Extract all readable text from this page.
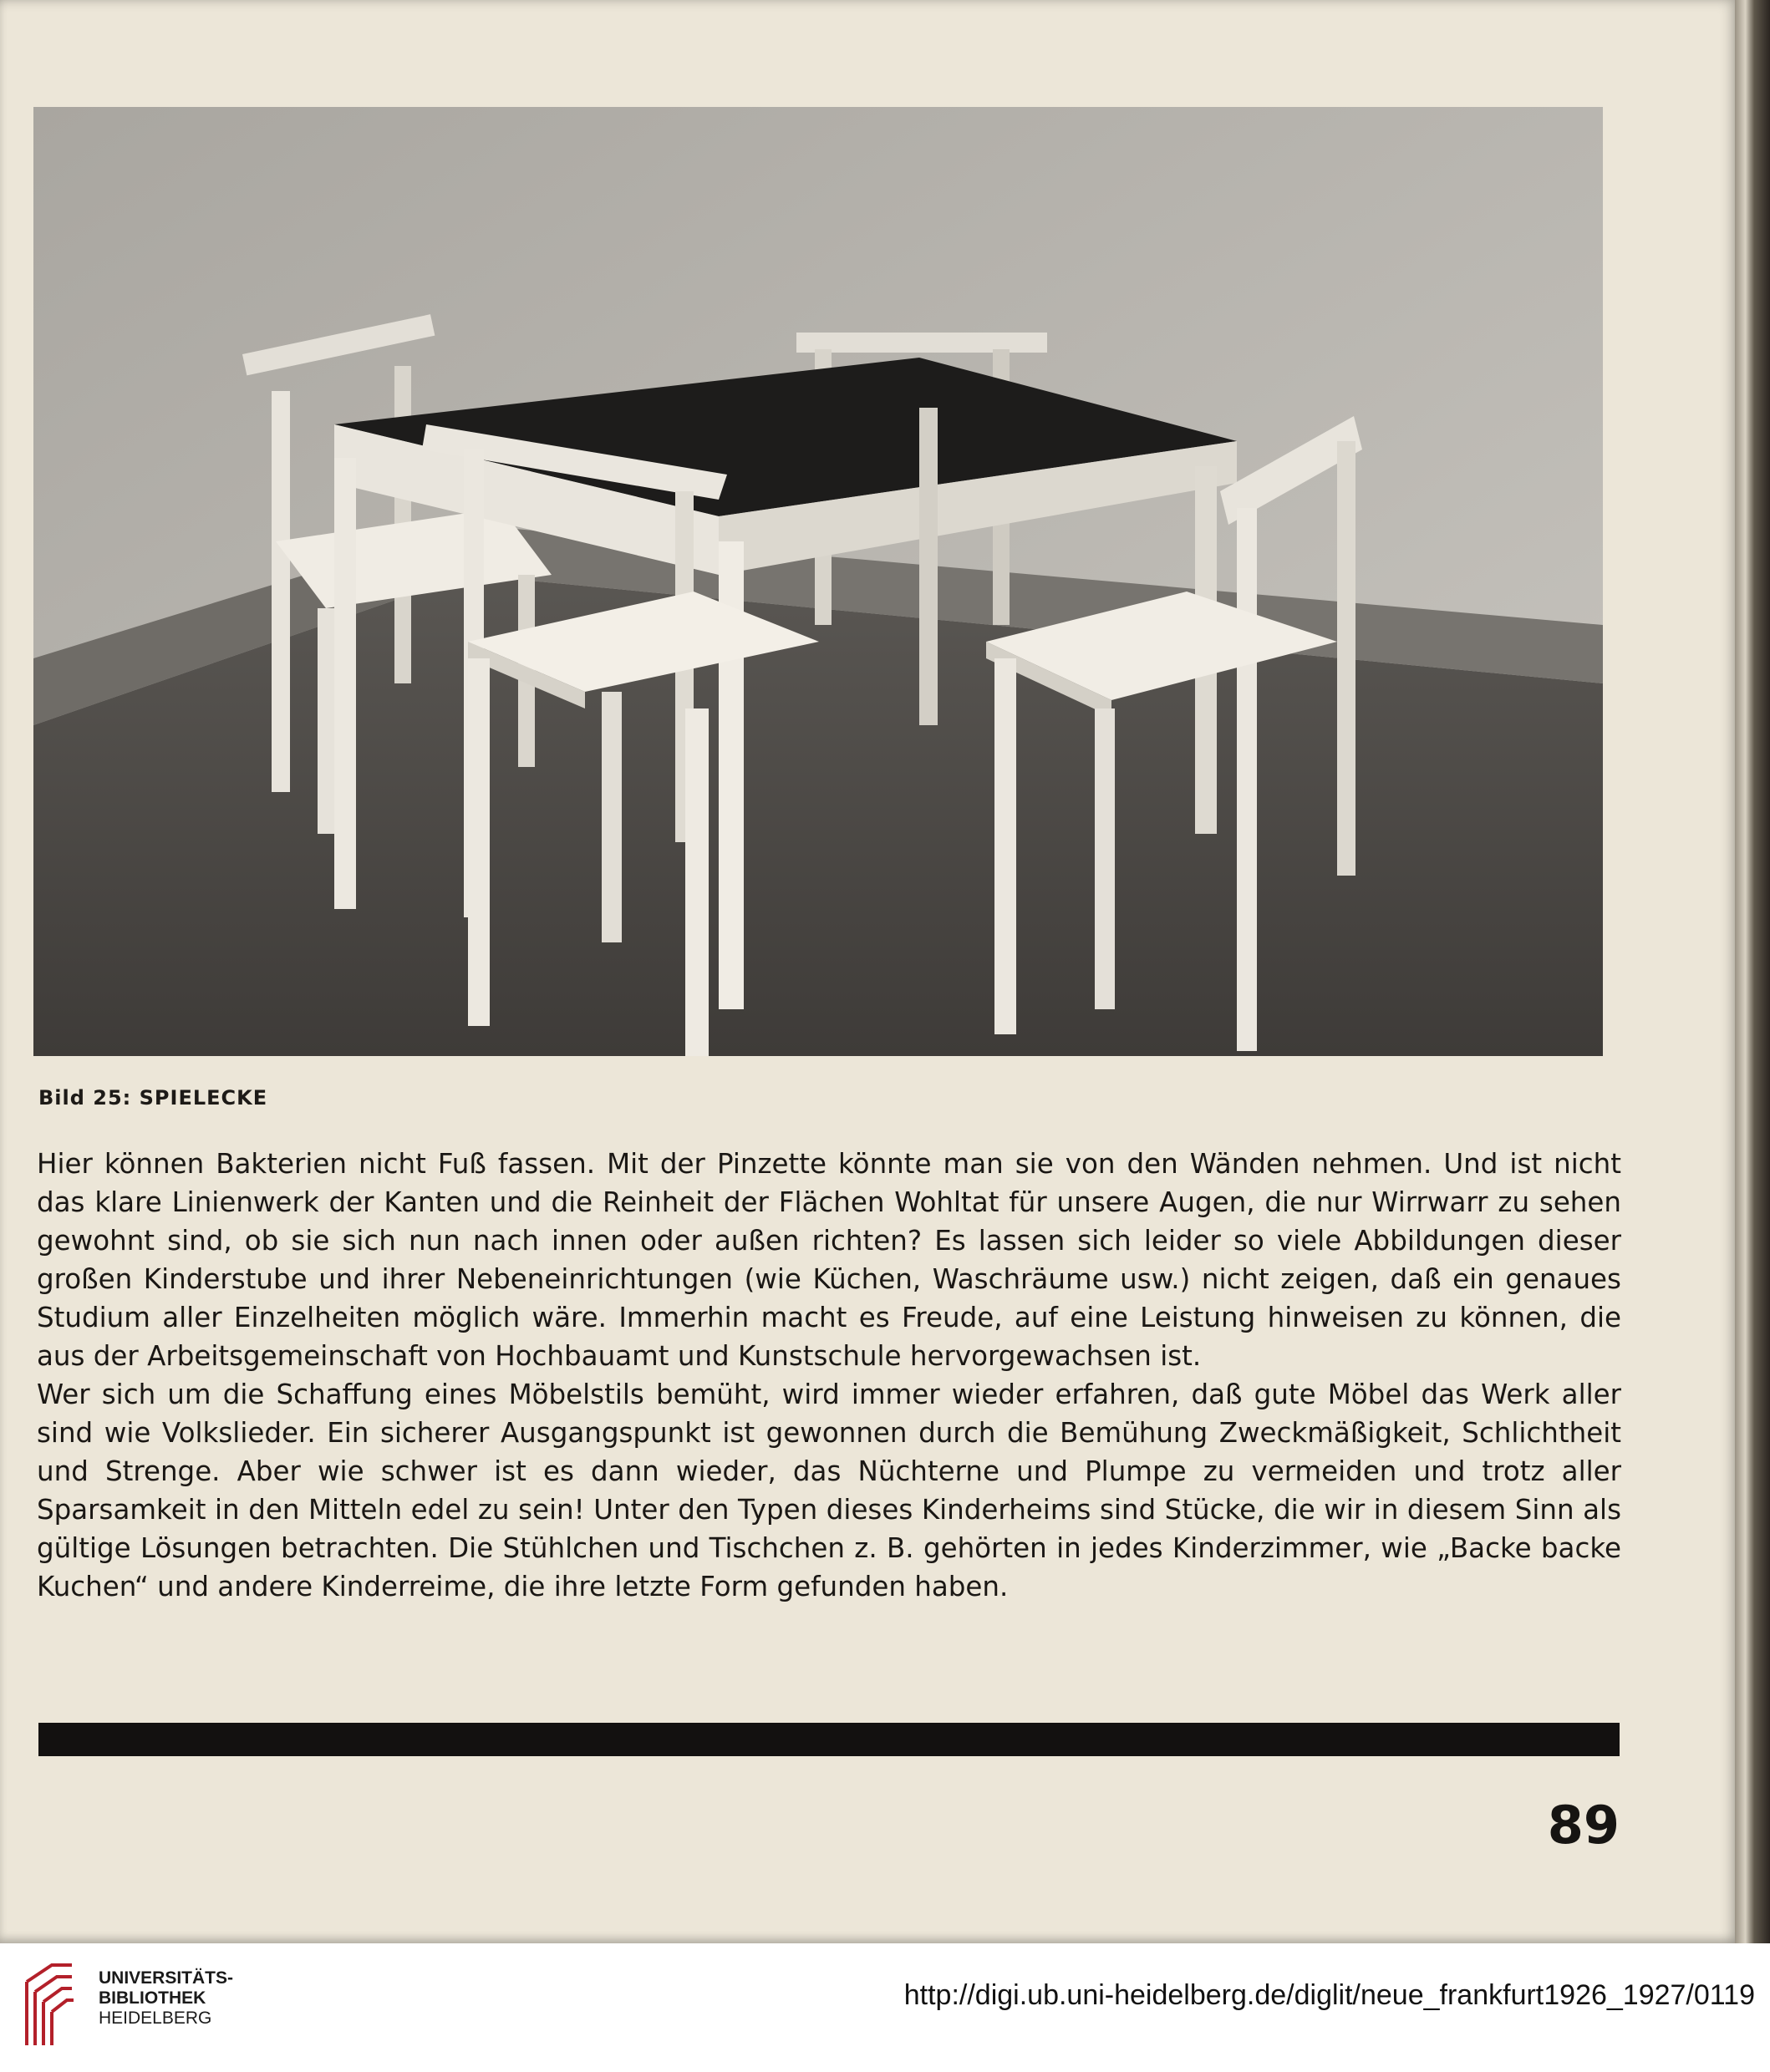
Bild 25: SPIELECKE

Hier können Bakterien nicht Fuß fassen. Mit der Pinzette könnte man sie von den Wänden nehmen. Und ist nicht das klare Linienwerk der Kanten und die Reinheit der Flächen Wohltat für unsere Augen, die nur Wirrwarr zu sehen gewohnt sind, ob sie sich nun nach innen oder außen richten? Es lassen sich leider so viele Abbildungen dieser großen Kinderstube und ihrer Nebeneinrichtungen (wie Küchen, Waschräume usw.) nicht zeigen, daß ein genaues Studium aller Einzelheiten möglich wäre. Immerhin macht es Freude, auf eine Leistung hinweisen zu können, die aus der Arbeitsgemeinschaft von Hochbauamt und Kunstschule hervorgewachsen ist.

Wer sich um die Schaffung eines Möbelstils bemüht, wird immer wieder erfahren, daß gute Möbel das Werk aller sind wie Volkslieder. Ein sicherer Ausgangspunkt ist gewonnen durch die Bemühung Zweckmäßigkeit, Schlichtheit und Strenge. Aber wie schwer ist es dann wieder, das Nüchterne und Plumpe zu vermeiden und trotz aller Sparsamkeit in den Mitteln edel zu sein! Unter den Typen dieses Kinderheims sind Stücke, die wir in diesem Sinn als gültige Lösungen betrachten. Die Stühlchen und Tischchen z. B. gehörten in jedes Kinderzimmer, wie „Backe backe Kuchen“ und andere Kinderreime, die ihre letzte Form gefunden haben.

89
UNIVERSITÄTS-
BIBLIOTHEK
HEIDELBERG
http://digi.ub.uni-heidelberg.de/diglit/neue_frankfurt1926_1927/0119
